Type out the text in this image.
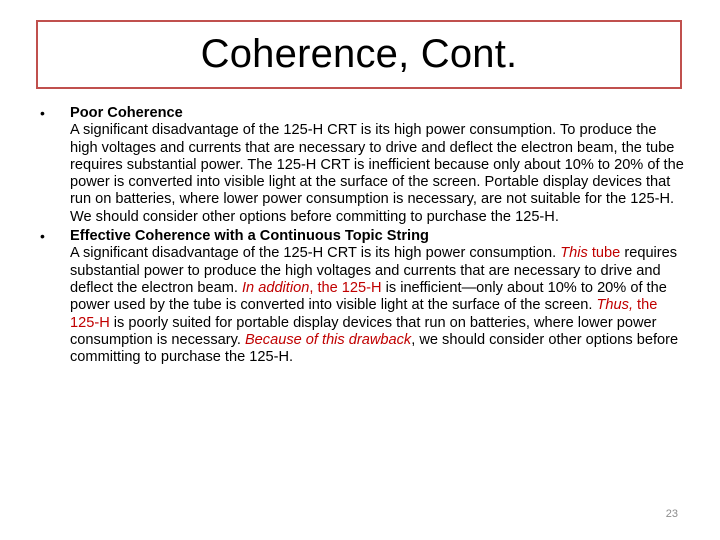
Coherence, Cont.
• Poor Coherence
A significant disadvantage of the 125-H CRT is its high power consumption. To produce the high voltages and currents that are necessary to drive and deflect the electron beam, the tube requires substantial power. The 125-H CRT is inefficient because only about 10% to 20% of the power is converted into visible light at the surface of the screen. Portable display devices that run on batteries, where lower power consumption is necessary, are not suitable for the 125-H. We should consider other options before committing to purchase the 125-H.
• Effective Coherence with a Continuous Topic String
A significant disadvantage of the 125-H CRT is its high power consumption. This tube requires substantial power to produce the high voltages and currents that are necessary to drive and deflect the electron beam. In addition, the 125-H is inefficient—only about 10% to 20% of the power used by the tube is converted into visible light at the surface of the screen. Thus, the 125-H is poorly suited for portable display devices that run on batteries, where lower power consumption is necessary. Because of this drawback, we should consider other options before committing to purchase the 125-H.
23
